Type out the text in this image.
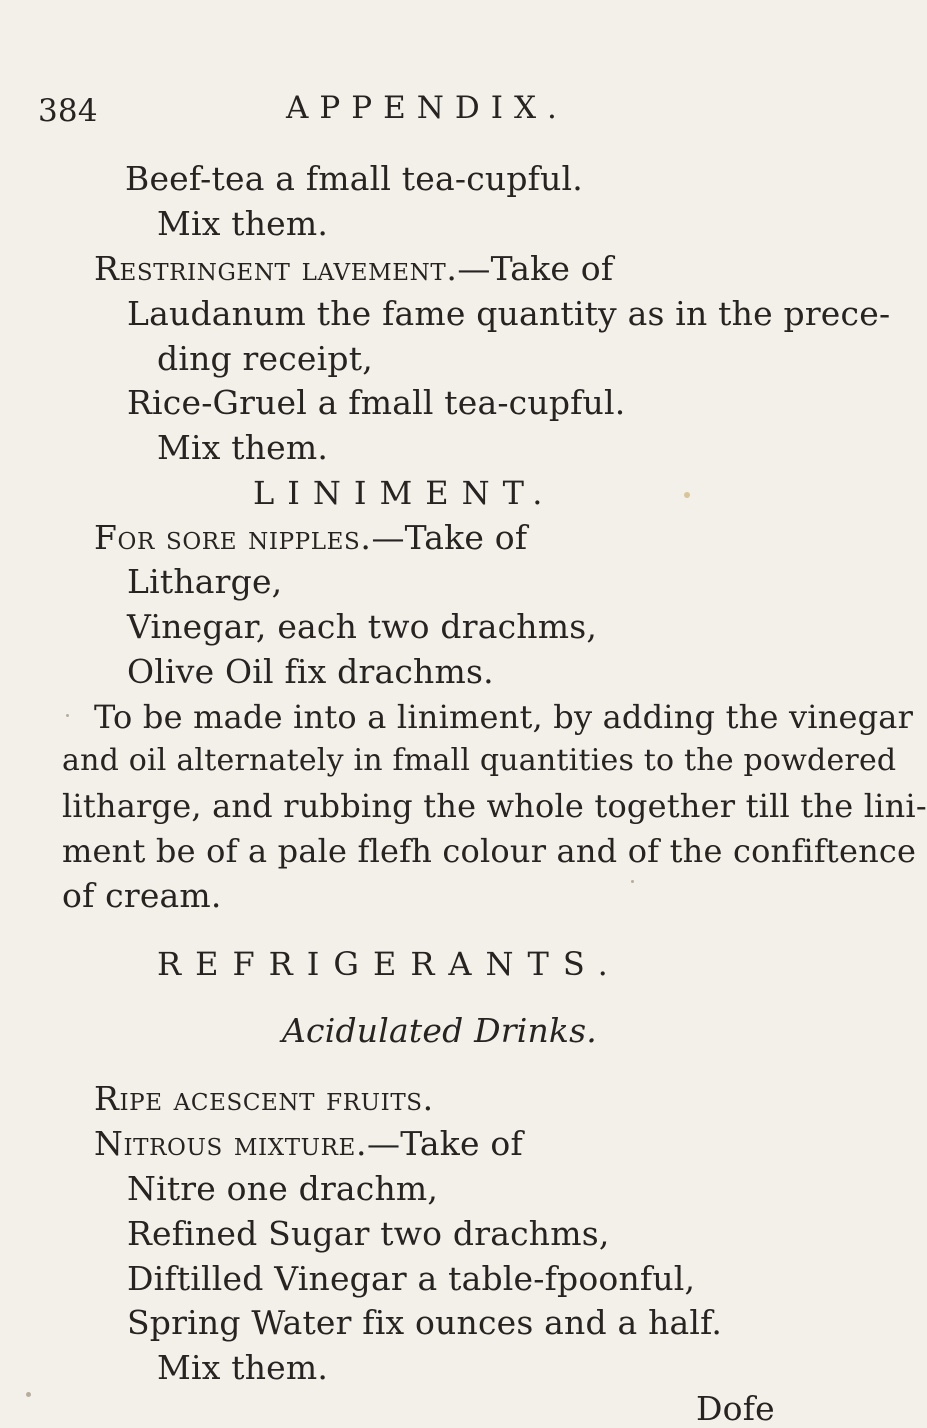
384	APPENDIX.
Beef-tea a fmall tea-cupful.
Mix them.
Restringent lavement.—Take of
Laudanum the fame quantity as in the prece-
ding receipt,
Rice-Gruel a fmall tea-cupful.
Mix them.
LINIMENT.
For sore nipples.—Take of
Litharge,
Vinegar, each two drachms,
Olive Oil fix drachms.
To be made into a liniment, by adding the vinegar
and oil alternately in fmall quantities to the powdered
litharge, and rubbing the whole together till the lini-
ment be of a pale flefh colour and of the confiftence
of cream.
REFRIGERANTS.
Acidulated Drinks.
Ripe acescent fruits.
Nitrous mixture.—Take of
Nitre one drachm,
Refined Sugar two drachms,
Diftilled Vinegar a table-fpoonful,
Spring Water fix ounces and a half.
Mix them.
Dofe
